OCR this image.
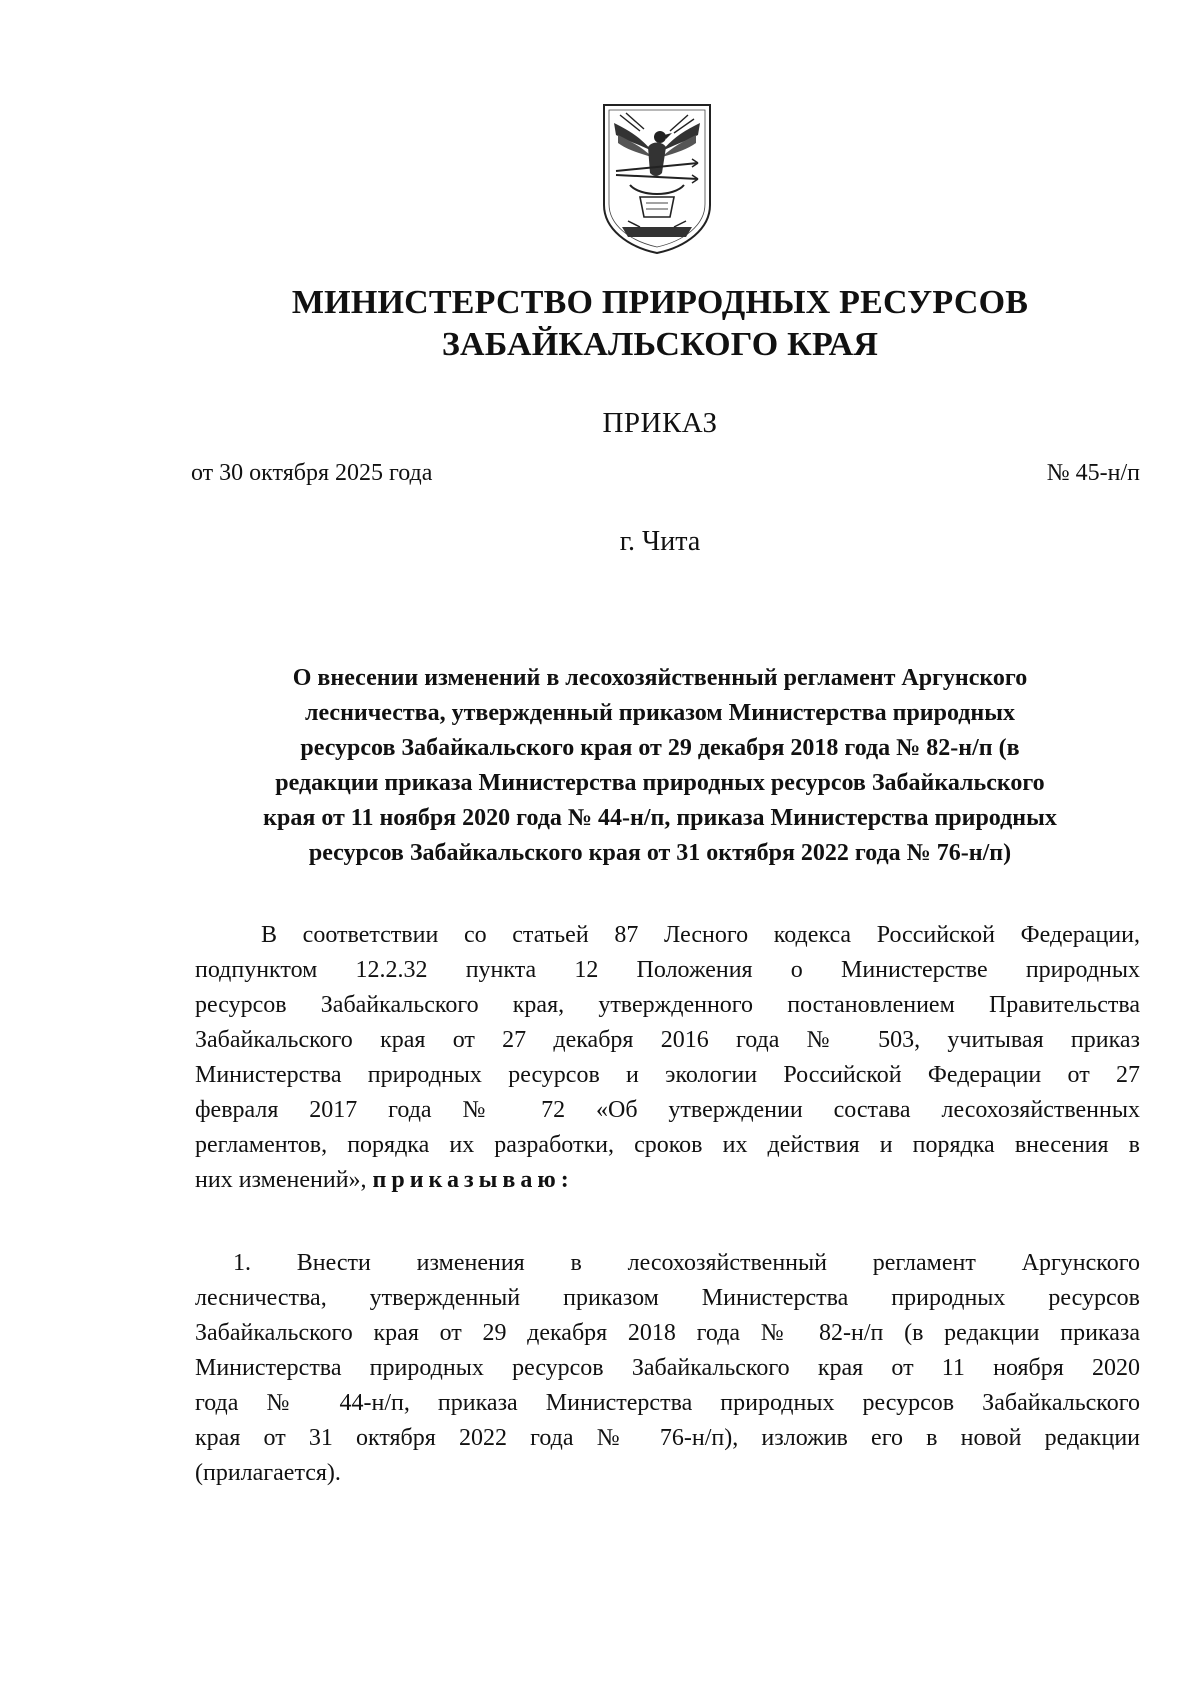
МИНИСТЕРСТВО ПРИРОДНЫХ РЕСУРСОВ
ЗАБАЙКАЛЬСКОГО КРАЯ
ПРИКАЗ
от 30 октября 2025 года	№ 45-н/п
г. Чита
О внесении изменений в лесохозяйственный регламент Аргунского
лесничества, утвержденный приказом Министерства природных
ресурсов Забайкальского края от 29 декабря 2018 года № 82-н/п (в
редакции приказа Министерства природных ресурсов Забайкальского
края от 11 ноября 2020 года № 44-н/п, приказа Министерства природных
ресурсов Забайкальского края от 31 октября 2022 года № 76-н/п)
В соответствии со статьей 87 Лесного кодекса Российской Федерации,
подпунктом 12.2.32 пункта 12 Положения о Министерстве природных
ресурсов Забайкальского края, утвержденного постановлением Правительства
Забайкальского края от 27 декабря 2016 года № 503, учитывая приказ
Министерства природных ресурсов и экологии Российской Федерации от 27
февраля 2017 года № 72 «Об утверждении состава лесохозяйственных
регламентов, порядка их разработки, сроков их действия и порядка внесения в
них изменений», приказываю:
1. Внести изменения в лесохозяйственный регламент Аргунского
лесничества, утвержденный приказом Министерства природных ресурсов
Забайкальского края от 29 декабря 2018 года № 82-н/п (в редакции приказа
Министерства природных ресурсов Забайкальского края от 11 ноября 2020
года № 44-н/п, приказа Министерства природных ресурсов Забайкальского
края от 31 октября 2022 года № 76-н/п), изложив его в новой редакции
(прилагается).
